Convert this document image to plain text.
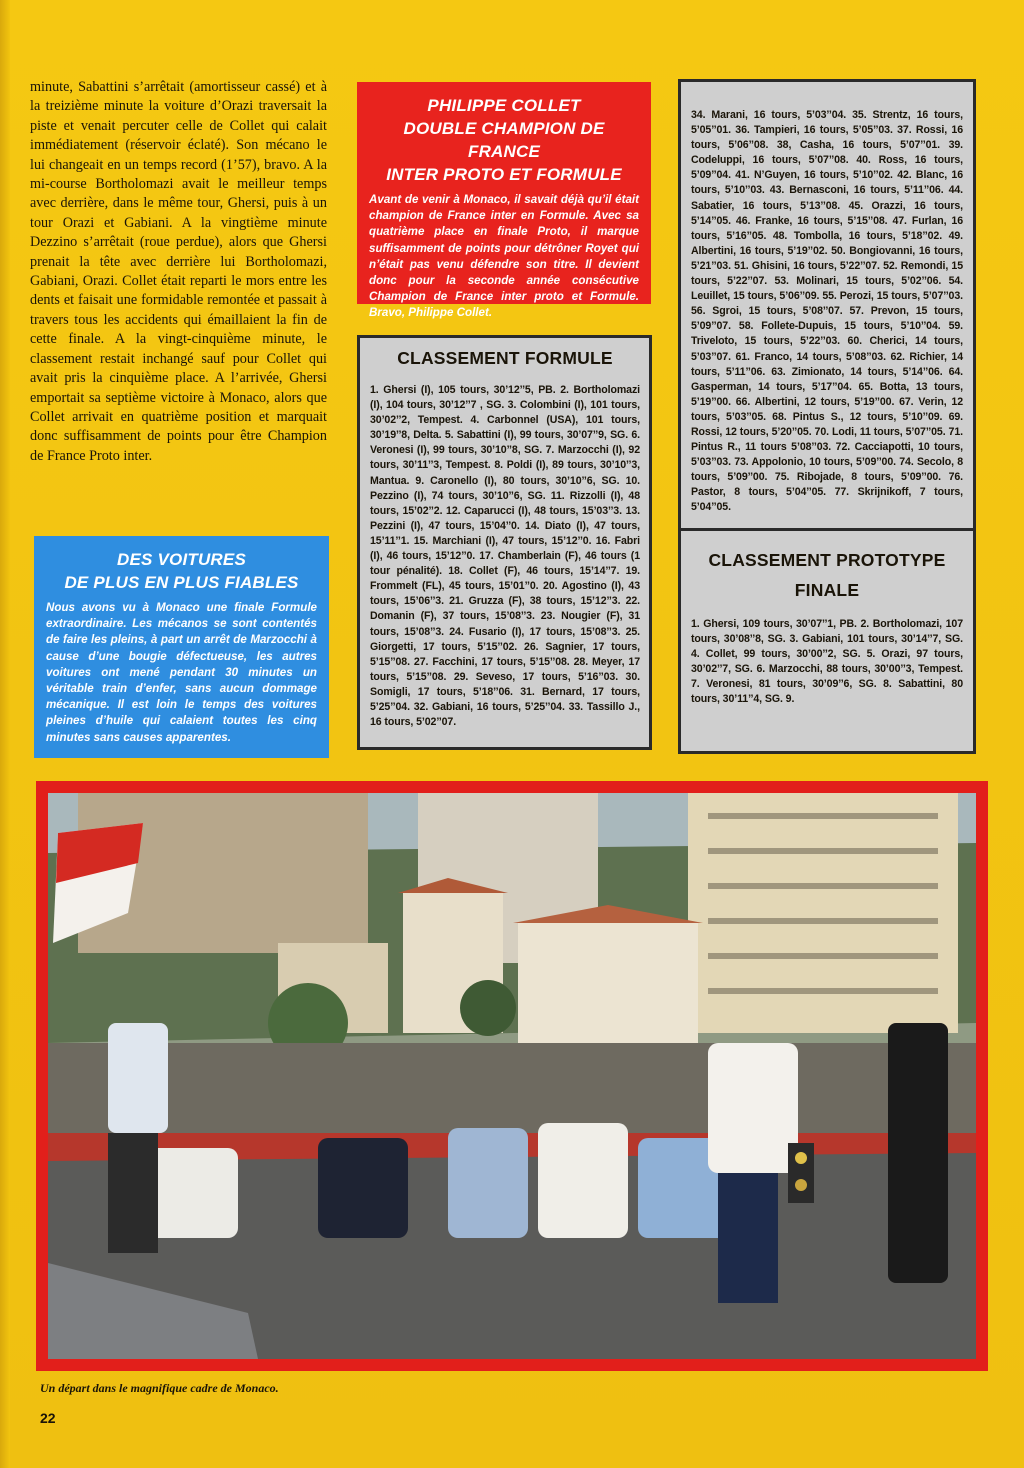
minute, Sabattini s’arrêtait (amortisseur cassé) et à la treizième minute la voiture d’Orazi traversait la piste et venait percuter celle de Collet qui calait immédiatement (réservoir éclaté). Son mécano le lui changeait en un temps record (1’57), bravo. A la mi-course Bortholomazi avait le meilleur temps avec derrière, dans le même tour, Ghersi, puis à un tour Orazi et Gabiani. A la vingtième minute Dezzino s’arrêtait (roue perdue), alors que Ghersi prenait la tête avec derrière lui Bortholomazi, Gabiani, Orazi. Collet était reparti le mors entre les dents et faisait une formidable remontée et passait à travers tous les accidents qui émaillaient la fin de cette finale. A la vingt-cinquième minute, le classement restait inchangé sauf pour Collet qui avait pris la cinquième place. A l’arrivée, Ghersi emportait sa septième victoire à Monaco, alors que Collet arrivait en quatrième position et marquait donc suffisamment de points pour être Champion de France Proto inter.
PHILIPPE COLLET
DOUBLE CHAMPION DE FRANCE
INTER PROTO ET FORMULE

Avant de venir à Monaco, il savait déjà qu’il était champion de France inter en Formule. Avec sa quatrième place en finale Proto, il marque suffisamment de points pour détrôner Royet qui n’était pas venu défendre son titre. Il devient donc pour la seconde année consécutive Champion de France inter proto et Formule. Bravo, Philippe Collet.

DES VOITURES
DE PLUS EN PLUS FIABLES

Nous avons vu à Monaco une finale Formule extraordinaire. Les mécanos se sont contentés de faire les pleins, à part un arrêt de Marzocchi à cause d’une bougie défectueuse, les autres voitures ont mené pendant 30 minutes un véritable train d’enfer, sans aucun dommage mécanique. Il est loin le temps des voitures pleines d’huile qui calaient toutes les cinq minutes sans causes apparentes.

CLASSEMENT FORMULE
1. Ghersi (I), 105 tours, 30’12’’5, PB. 2. Bortholomazi (I), 104 tours, 30’12’’7 , SG. 3. Colombini (I), 101 tours, 30’02’’2, Tempest. 4. Carbonnel (USA), 101 tours, 30’19’’8, Delta. 5. Sabattini (I), 99 tours, 30’07’’9, SG. 6. Veronesi (I), 99 tours, 30’10’’8, SG. 7. Marzocchi (I), 92 tours, 30’11’’3, Tempest. 8. Poldi (I), 89 tours, 30’10’’3, Mantua. 9. Caronello (I), 80 tours, 30’10’’6, SG. 10. Pezzino (I), 74 tours, 30’10’’6, SG. 11. Rizzolli (I), 48 tours, 15’02’’2. 12. Caparucci (I), 48 tours, 15’03’’3. 13. Pezzini (I), 47 tours, 15’04’’0. 14. Diato (I), 47 tours, 15’11’’1. 15. Marchiani (I), 47 tours, 15’12’’0. 16. Fabri (I), 46 tours, 15’12’’0. 17. Chamberlain (F), 46 tours (1 tour pénalité). 18. Collet (F), 46 tours, 15’14’’7. 19. Frommelt (FL), 45 tours, 15’01’’0. 20. Agostino (I), 43 tours, 15’06’’3. 21. Gruzza (F), 38 tours, 15’12’’3. 22. Domanin (F), 37 tours, 15’08’’3. 23. Nougier (F), 31 tours, 15’08’’3. 24. Fusario (I), 17 tours, 15’08’’3. 25. Giorgetti, 17 tours, 5’15’’02. 26. Sagnier, 17 tours, 5’15’’08. 27. Facchini, 17 tours, 5’15’’08. 28. Meyer, 17 tours, 5’15’’08. 29. Seveso, 17 tours, 5’16’’03. 30. Somigli, 17 tours, 5’18’’06. 31. Bernard, 17 tours, 5’25’’04. 32. Gabiani, 16 tours, 5’25’’04. 33. Tassillo J., 16 tours, 5’02’’07.
34. Marani, 16 tours, 5’03’’04. 35. Strentz, 16 tours, 5’05’’01. 36. Tampieri, 16 tours, 5’05’’03. 37. Rossi, 16 tours, 5’06’’08. 38, Casha, 16 tours, 5’07’’01. 39. Codeluppi, 16 tours, 5’07’’08. 40. Ross, 16 tours, 5’09’’04. 41. N’Guyen, 16 tours, 5’10’’02. 42. Blanc, 16 tours, 5’10’’03. 43. Bernasconi, 16 tours, 5’11’’06. 44. Sabatier, 16 tours, 5’13’’08. 45. Orazzi, 16 tours, 5’14’’05. 46. Franke, 16 tours, 5’15’’08. 47. Furlan, 16 tours, 5’16’’05. 48. Tombolla, 16 tours, 5’18’’02. 49. Albertini, 16 tours, 5’19’’02. 50. Bongiovanni, 16 tours, 5’21’’03. 51. Ghisini, 16 tours, 5’22’’07. 52. Remondi, 15 tours, 5’22’’07. 53. Molinari, 15 tours, 5’02’’06. 54. Leuillet, 15 tours, 5’06’’09. 55. Perozi, 15 tours, 5’07’’03. 56. Sgroi, 15 tours, 5’08’’07. 57. Prevon, 15 tours, 5’09’’07. 58. Follete-Dupuis, 15 tours, 5’10’’04. 59. Triveloto, 15 tours, 5’22’’03. 60. Cherici, 14 tours, 5’03’’07. 61. Franco, 14 tours, 5’08’’03. 62. Richier, 14 tours, 5’11’’06. 63. Zimionato, 14 tours, 5’14’’06. 64. Gasperman, 14 tours, 5’17’’04. 65. Botta, 13 tours, 5’19’’00. 66. Albertini, 12 tours, 5’19’’00. 67. Verin, 12 tours, 5’03’’05. 68. Pintus S., 12 tours, 5’10’’09. 69. Rossi, 12 tours, 5’20’’05. 70. Lodi, 11 tours, 5’07’’05. 71. Pintus R., 11 tours 5’08’’03. 72. Cacciapotti, 10 tours, 5’03’’03. 73. Appolonio, 10 tours, 5’09’’00. 74. Secolo, 8 tours, 5’09’’00. 75. Ribojade, 8 tours, 5’09’’00. 76. Pastor, 8 tours, 5’04’’05. 77. Skrijnikoff, 7 tours, 5’04’’05.
CLASSEMENT PROTOTYPE
FINALE
1. Ghersi, 109 tours, 30’07’’1, PB. 2. Bortholomazi, 107 tours, 30’08’’8, SG. 3. Gabiani, 101 tours, 30’14’’7, SG. 4. Collet, 99 tours, 30’00’’2, SG. 5. Orazi, 97 tours, 30’02’’7, SG. 6. Marzocchi, 88 tours, 30’00’’3, Tempest. 7. Veronesi, 81 tours, 30’09’’6, SG. 8. Sabattini, 80 tours, 30’11’’4, SG. 9.
Un départ dans le magnifique cadre de Monaco.
22
